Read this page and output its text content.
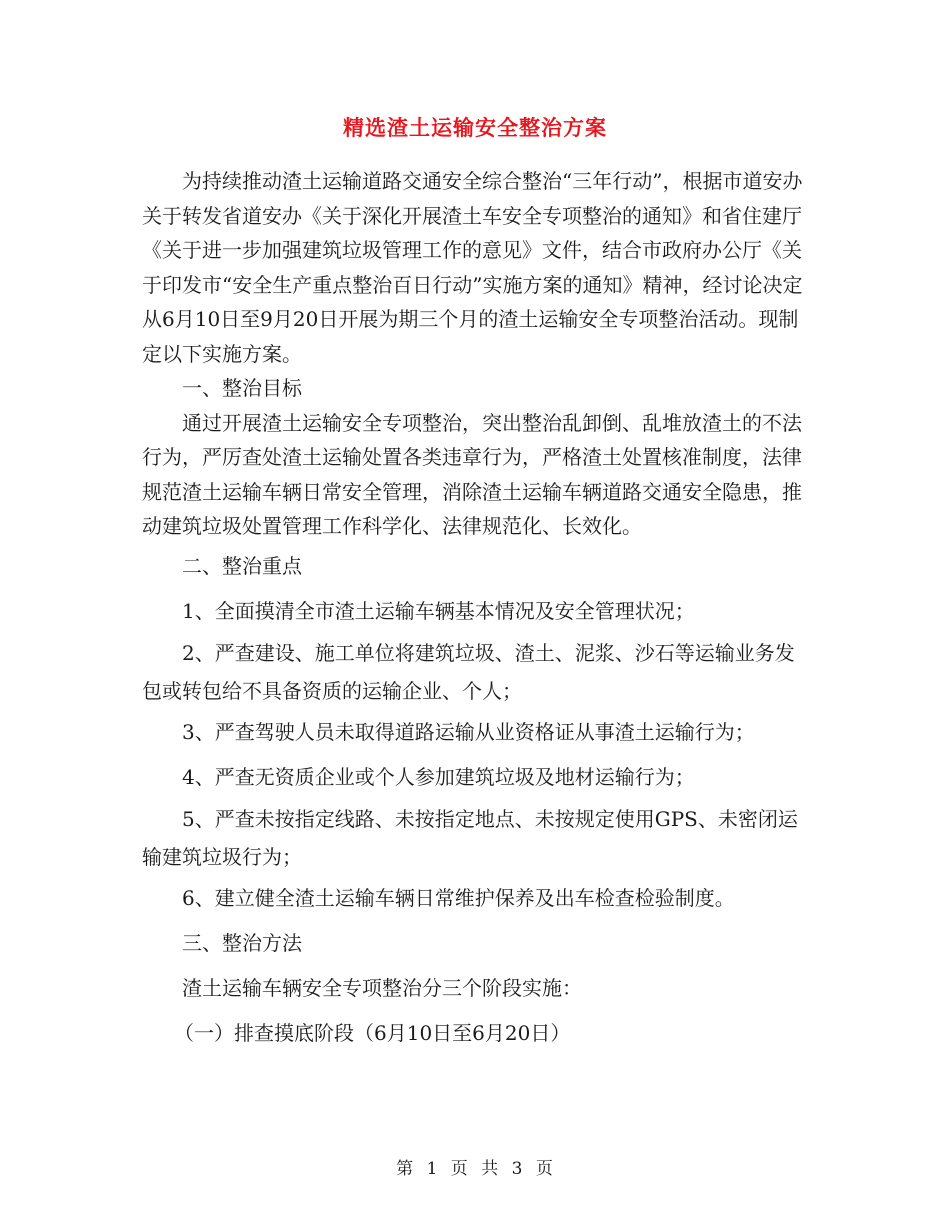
精选渣土运输安全整治方案

为持续推动渣土运输道路交通安全综合整治“三年行动”，根据市道安办关于转发省道安办《关于深化开展渣土车安全专项整治的通知》和省住建厅《关于进一步加强建筑垃圾管理工作的意见》文件，结合市政府办公厅《关于印发市“安全生产重点整治百日行动”实施方案的通知》精神，经讨论决定从6月10日至9月20日开展为期三个月的渣土运输安全专项整治活动。现制定以下实施方案。

一、整治目标

通过开展渣土运输安全专项整治，突出整治乱卸倒、乱堆放渣土的不法行为，严厉查处渣土运输处置各类违章行为，严格渣土处置核准制度，法律规范渣土运输车辆日常安全管理，消除渣土运输车辆道路交通安全隐患，推动建筑垃圾处置管理工作科学化、法律规范化、长效化。

二、整治重点

1、全面摸清全市渣土运输车辆基本情况及安全管理状况；

2、严查建设、施工单位将建筑垃圾、渣土、泥浆、沙石等运输业务发包或转包给不具备资质的运输企业、个人；

3、严查驾驶人员未取得道路运输从业资格证从事渣土运输行为；

4、严查无资质企业或个人参加建筑垃圾及地材运输行为；

5、严查未按指定线路、未按指定地点、未按规定使用GPS、未密闭运输建筑垃圾行为；

6、建立健全渣土运输车辆日常维护保养及出车检查检验制度。

三、整治方法

渣土运输车辆安全专项整治分三个阶段实施：

（一）排查摸底阶段（6月10日至6月20日）

第 1 页 共 3 页
